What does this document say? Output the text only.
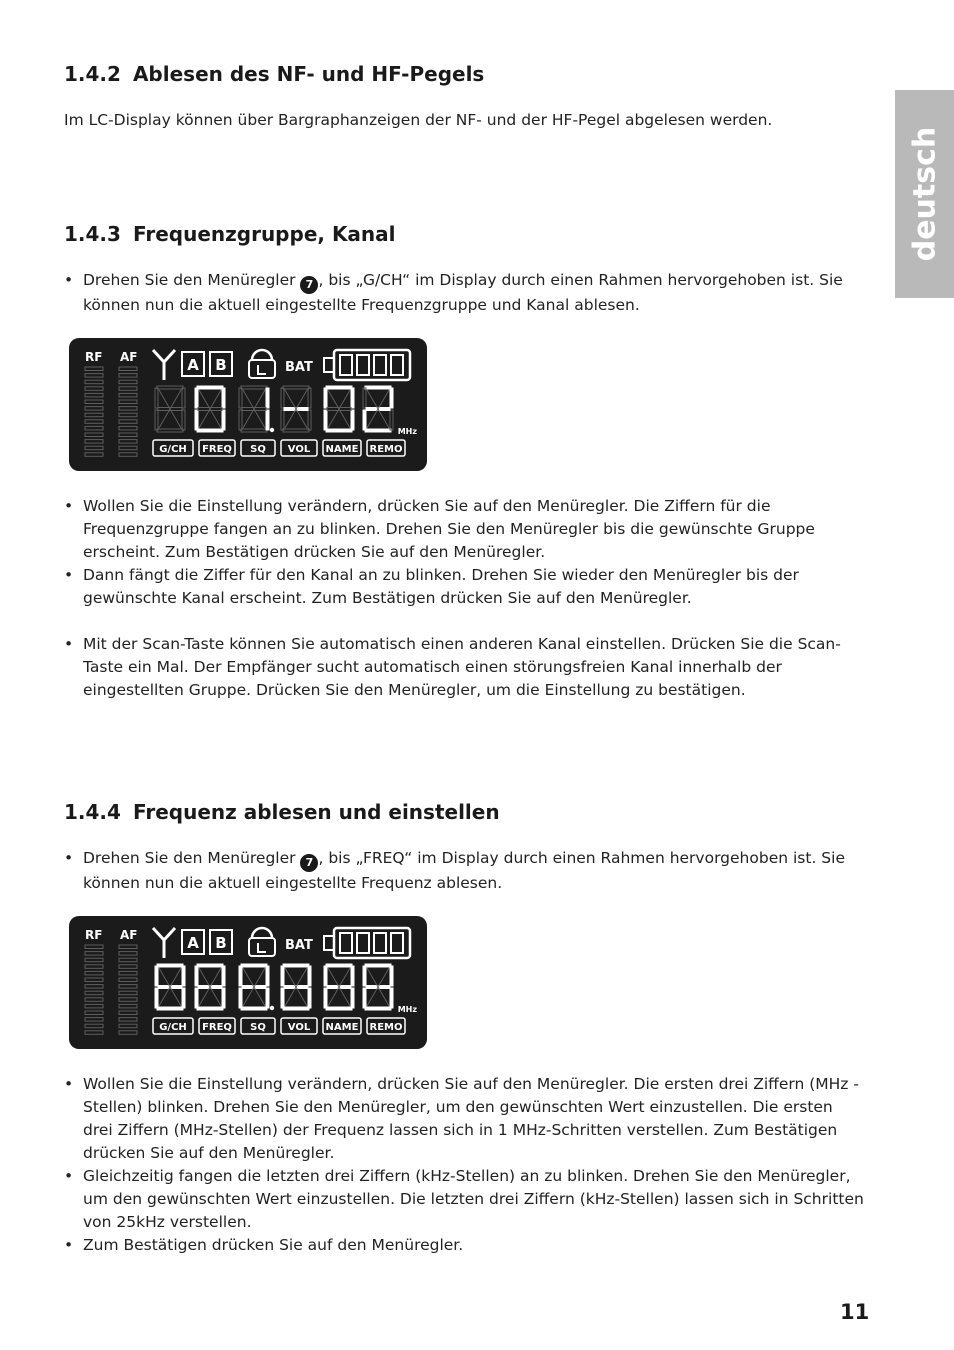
deutsch
1.4.2 Ablesen des NF- und HF-Pegels

Im LC-Display können über Bargraphanzeigen der NF- und der HF-Pegel abgelesen werden.

1.4.3 Frequenzgruppe, Kanal
• Drehen Sie den Menüregler 7 , bis „G/CH“ im Display durch einen Rahmen hervorgehoben ist. Sie können nun die aktuell eingestellte Frequenzgruppe und Kanal ablesen.
RF AF	A B	BAT
MHz
G/CH FREQ SQ VOL NAME REMO
• Wollen Sie die Einstellung verändern, drücken Sie auf den Menüregler. Die Ziffern für die Frequenzgruppe fangen an zu blinken. Drehen Sie den Menüregler bis die gewünschte Gruppe erscheint. Zum Bestätigen drücken Sie auf den Menüregler.
• Dann fängt die Ziffer für den Kanal an zu blinken. Drehen Sie wieder den Menüregler bis der gewünschte Kanal erscheint. Zum Bestätigen drücken Sie auf den Menüregler.
• Mit der Scan-Taste können Sie automatisch einen anderen Kanal einstellen. Drücken Sie die Scan-Taste ein Mal. Der Empfänger sucht automatisch einen störungsfreien Kanal innerhalb der eingestellten Gruppe. Drücken Sie den Menüregler, um die Einstellung zu bestätigen.
1.4.4 Frequenz ablesen und einstellen
• Drehen Sie den Menüregler 7 , bis „FREQ“ im Display durch einen Rahmen hervorgehoben ist. Sie können nun die aktuell eingestellte Frequenz ablesen.
RF AF	A B	BAT
MHz
G/CH FREQ SQ VOL NAME REMO
• Wollen Sie die Einstellung verändern, drücken Sie auf den Menüregler. Die ersten drei Ziffern (MHz - Stellen) blinken. Drehen Sie den Menüregler, um den gewünschten Wert einzustellen. Die ersten drei Ziffern (MHz-Stellen) der Frequenz lassen sich in 1 MHz-Schritten verstellen. Zum Bestätigen drücken Sie auf den Menüregler.
• Gleichzeitig fangen die letzten drei Ziffern (kHz-Stellen) an zu blinken. Drehen Sie den Menüregler, um den gewünschten Wert einzustellen. Die letzten drei Ziffern (kHz-Stellen) lassen sich in Schritten von 25kHz verstellen.
• Zum Bestätigen drücken Sie auf den Menüregler.
11
